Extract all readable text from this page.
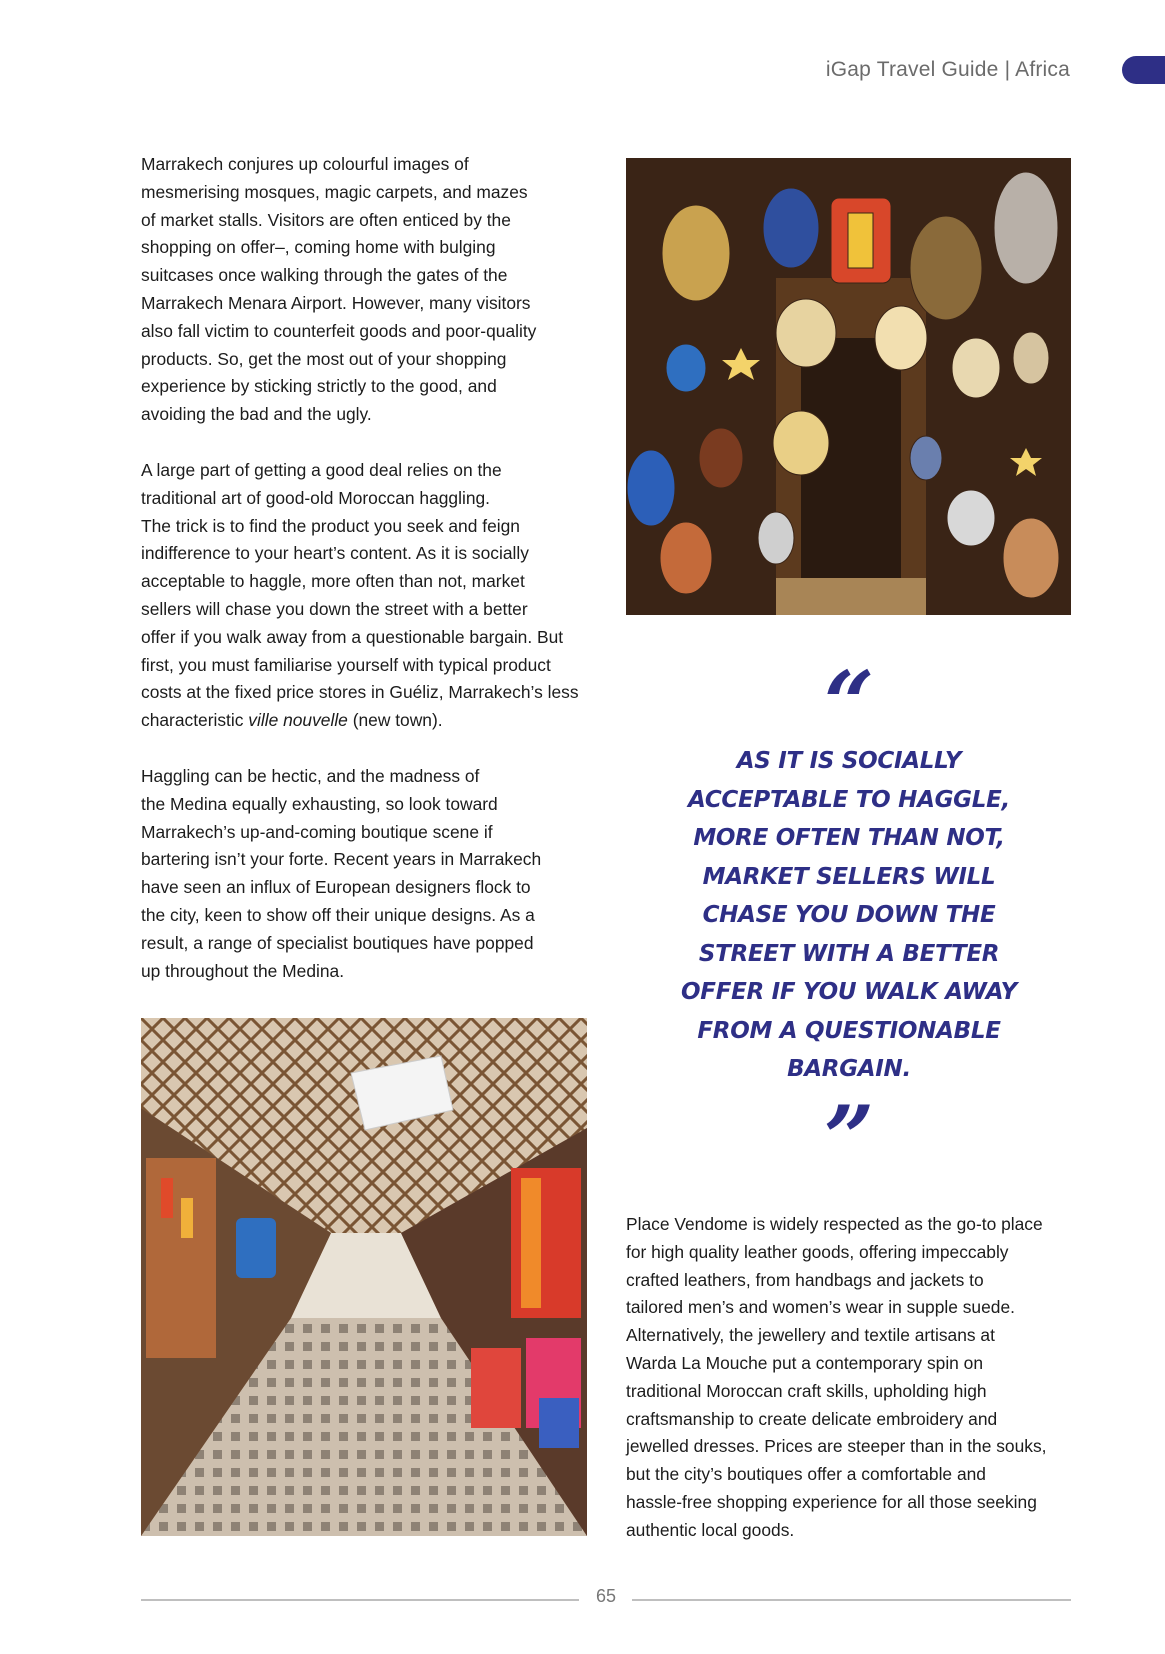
iGap Travel Guide | Africa

Marrakech conjures up colourful images of
mesmerising mosques, magic carpets, and mazes
of market stalls. Visitors are often enticed by the
shopping on offer–, coming home with bulging
suitcases once walking through the gates of the
Marrakech Menara Airport. However, many visitors
also fall victim to counterfeit goods and poor-quality
products. So, get the most out of your shopping
experience by sticking strictly to the good, and
avoiding the bad and the ugly.

A large part of getting a good deal relies on the
traditional art of good-old Moroccan haggling.
The trick is to find the product you seek and feign
indifference to your heart’s content. As it is socially
acceptable to haggle, more often than not, market
sellers will chase you down the street with a better
offer if you walk away from a questionable bargain. But
first, you must familiarise yourself with typical product
costs at the fixed price stores in Guéliz, Marrakech’s less
characteristic ville nouvelle (new town).

Haggling can be hectic, and the madness of
the Medina equally exhausting, so look toward
Marrakech’s up-and-coming boutique scene if
bartering isn’t your forte. Recent years in Marrakech
have seen an influx of European designers flock to
the city, keen to show off their unique designs. As a
result, a range of specialist boutiques have popped
up throughout the Medina.

“
AS IT IS SOCIALLY ACCEPTABLE TO HAGGLE, MORE OFTEN THAN NOT, MARKET SELLERS WILL CHASE YOU DOWN THE STREET WITH A BETTER OFFER IF YOU WALK AWAY FROM A QUESTIONABLE BARGAIN.
”

Place Vendome is widely respected as the go-to place
for high quality leather goods, offering impeccably
crafted leathers, from handbags and jackets to
tailored men’s and women’s wear in supple suede.
Alternatively, the jewellery and textile artisans at
Warda La Mouche put a contemporary spin on
traditional Moroccan craft skills, upholding high
craftsmanship to create delicate embroidery and
jewelled dresses. Prices are steeper than in the souks,
but the city’s boutiques offer a comfortable and
hassle-free shopping experience for all those seeking
authentic local goods.

65
